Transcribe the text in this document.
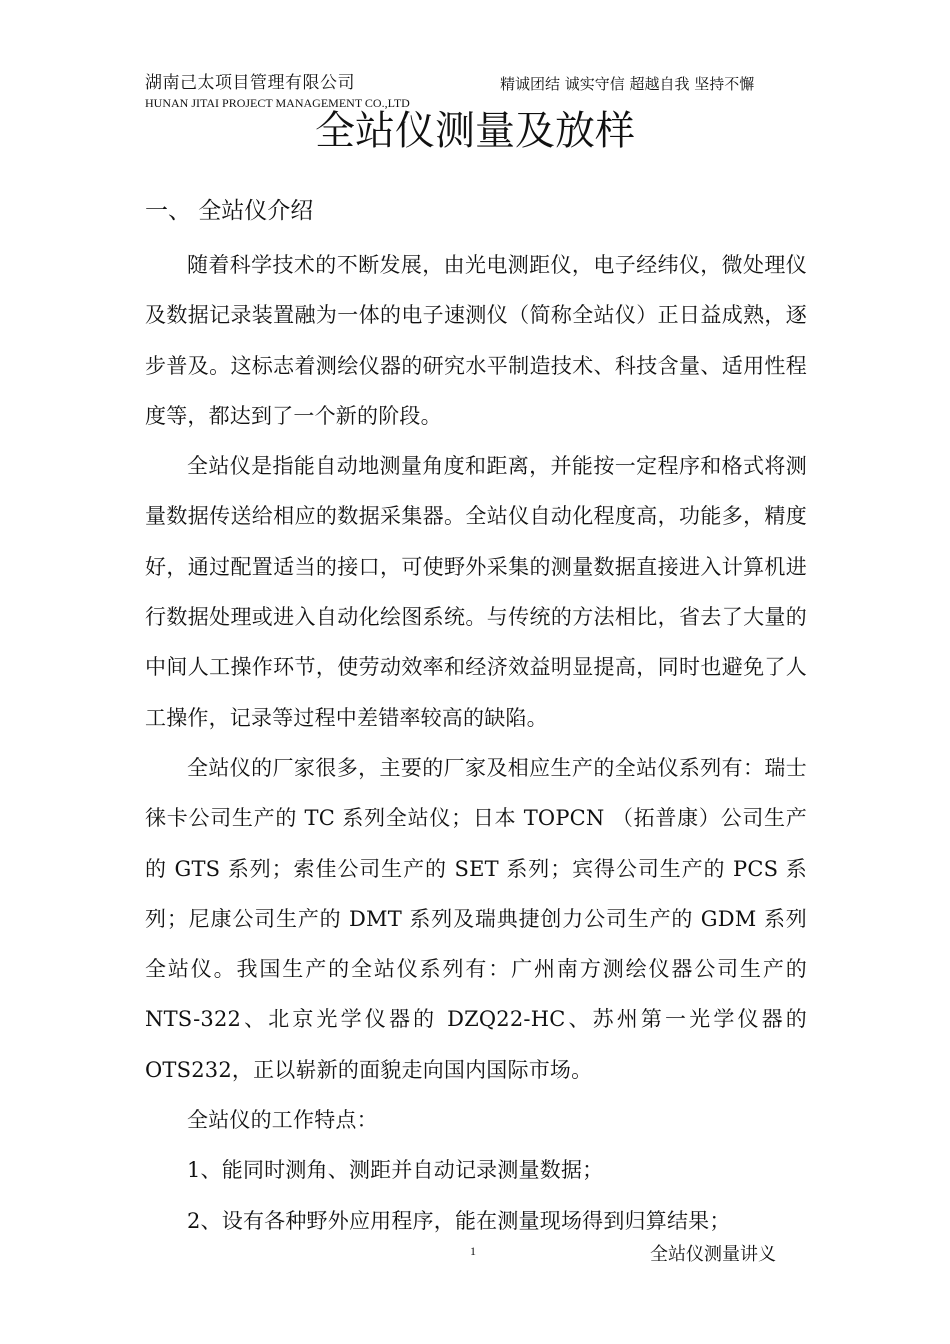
湖南己太项目管理有限公司
HUNAN JITAI PROJECT MANAGEMENT CO.,LTD
精诚团结 诚实守信 超越自我 坚持不懈
全站仪测量及放样
一、 全站仪介绍

随着科学技术的不断发展，由光电测距仪，电子经纬仪，微处理仪及数据记录装置融为一体的电子速测仪（简称全站仪）正日益成熟，逐步普及。这标志着测绘仪器的研究水平制造技术、科技含量、适用性程度等，都达到了一个新的阶段。

全站仪是指能自动地测量角度和距离，并能按一定程序和格式将测量数据传送给相应的数据采集器。全站仪自动化程度高，功能多，精度好，通过配置适当的接口，可使野外采集的测量数据直接进入计算机进行数据处理或进入自动化绘图系统。与传统的方法相比，省去了大量的中间人工操作环节，使劳动效率和经济效益明显提高，同时也避免了人工操作，记录等过程中差错率较高的缺陷。

全站仪的厂家很多，主要的厂家及相应生产的全站仪系列有：瑞士徕卡公司生产的 TC 系列全站仪；日本 TOPCN （拓普康）公司生产的 GTS 系列；索佳公司生产的 SET 系列；宾得公司生产的 PCS 系列；尼康公司生产的 DMT 系列及瑞典捷创力公司生产的 GDM 系列全站仪。我国生产的全站仪系列有：广州南方测绘仪器公司生产的 NTS-322、北京光学仪器的 DZQ22-HC、苏州第一光学仪器的 OTS232，正以崭新的面貌走向国内国际市场。

全站仪的工作特点：

1、能同时测角、测距并自动记录测量数据；

2、设有各种野外应用程序，能在测量现场得到归算结果；

1	全站仪测量讲义
